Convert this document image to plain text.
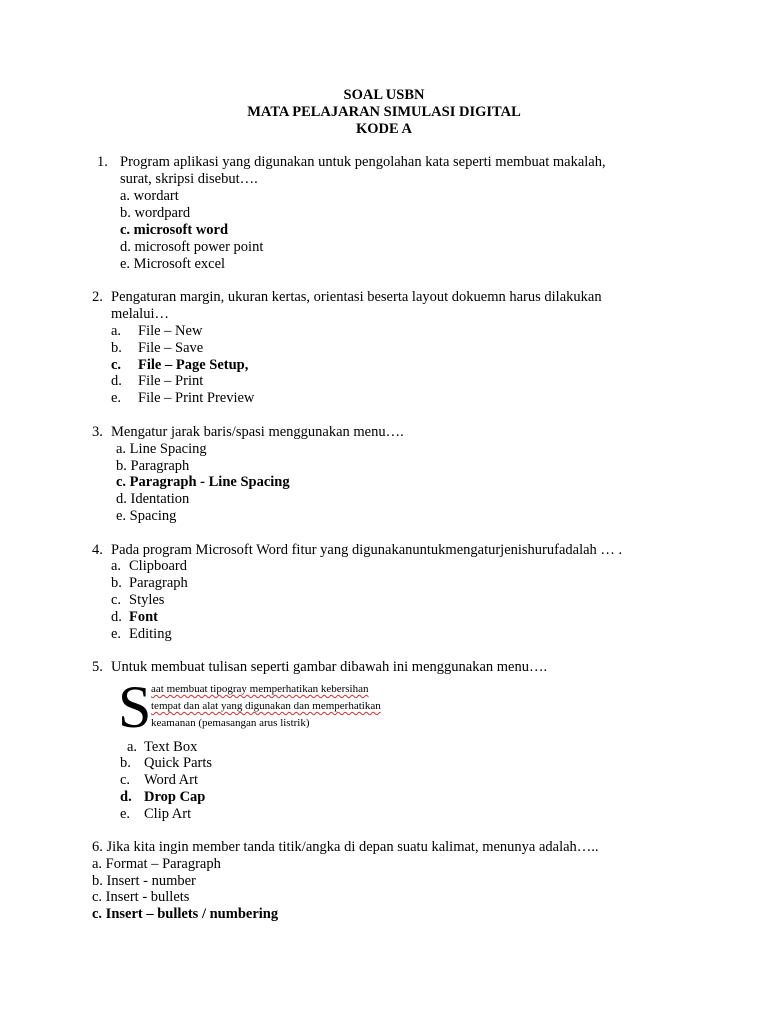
SOAL USBN
MATA PELAJARAN SIMULASI DIGITAL
KODE A
1. Program aplikasi yang digunakan untuk pengolahan kata seperti membuat makalah,
surat, skripsi disebut….
a. wordart
b. wordpard
c. microsoft word
d. microsoft power point
e. Microsoft excel
2. Pengaturan margin, ukuran kertas, orientasi beserta layout dokuemn harus dilakukan
melalui…
a. File – New
b. File – Save
c. File – Page Setup,
d. File – Print
e. File – Print Preview
3. Mengatur jarak baris/spasi menggunakan menu….
a. Line Spacing
b. Paragraph
c. Paragraph - Line Spacing
d. Identation
e. Spacing
4. Pada program Microsoft Word fitur yang digunakanuntukmengaturjenishurufadalah … .
a. Clipboard
b. Paragraph
c. Styles
d. Font
e. Editing
5. Untuk membuat tulisan seperti gambar dibawah ini menggunakan menu….
S aat membuat tipogray memperhatikan kebersihan
tempat dan alat yang digunakan dan memperhatikan
keamanan (pemasangan arus listrik)
a. Text Box
b. Quick Parts
c. Word Art
d. Drop Cap
e. Clip Art
6. Jika kita ingin member tanda titik/angka di depan suatu kalimat, menunya adalah…..
a. Format – Paragraph
b. Insert - number
c. Insert - bullets
c. Insert – bullets / numbering
